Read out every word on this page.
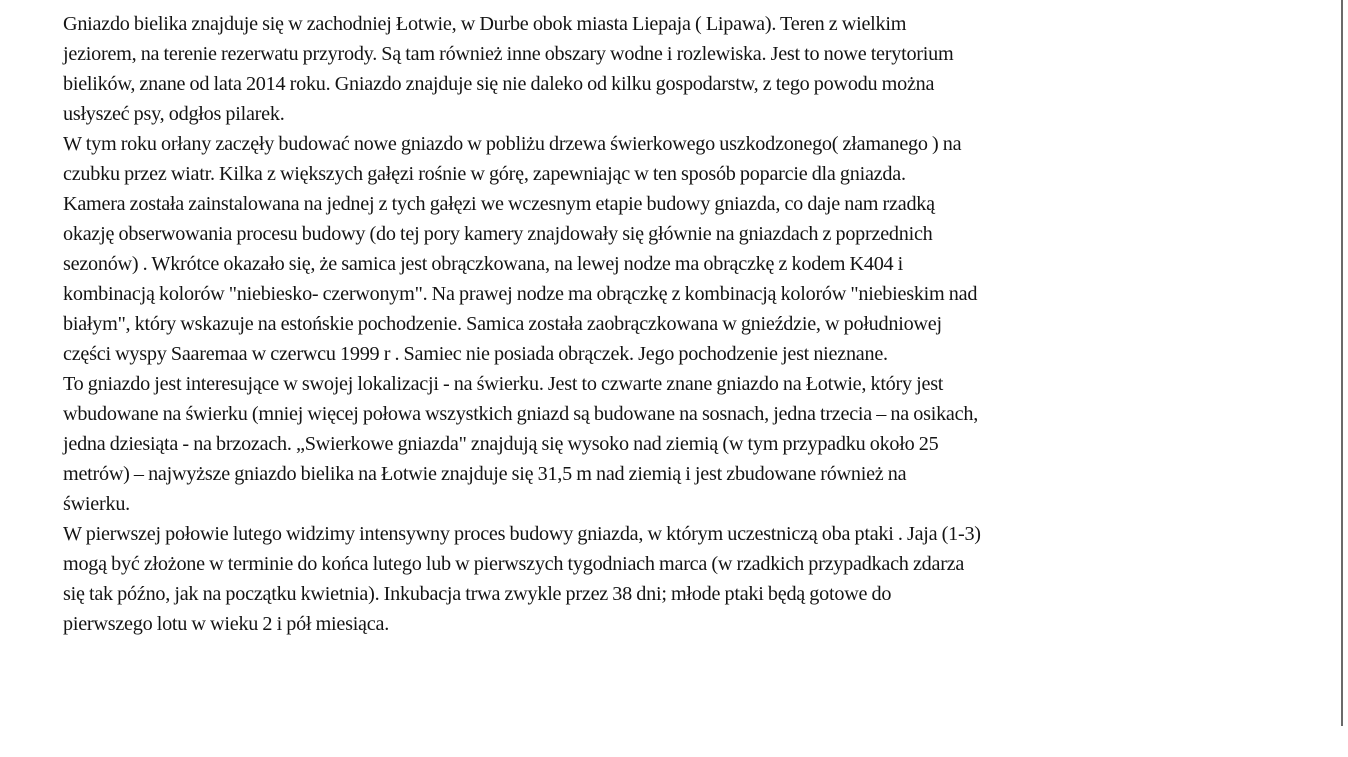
Gniazdo bielika znajduje się w zachodniej Łotwie, w Durbe obok miasta Liepaja ( Lipawa). Teren z wielkim
jeziorem, na terenie rezerwatu przyrody. Są tam również inne obszary wodne i rozlewiska. Jest to nowe terytorium
bielików, znane od lata 2014 roku. Gniazdo znajduje się nie daleko od kilku gospodarstw, z tego powodu można
usłyszeć psy, odgłos pilarek.
W tym roku orłany zaczęły budować nowe gniazdo w pobliżu drzewa świerkowego uszkodzonego( złamanego ) na
czubku przez wiatr. Kilka z większych gałęzi rośnie w górę, zapewniając w ten sposób poparcie dla gniazda.
Kamera została zainstalowana na jednej z tych gałęzi we wczesnym etapie budowy gniazda, co daje nam rzadką
okazję obserwowania procesu budowy (do tej pory kamery znajdowały się głównie na gniazdach z poprzednich
sezonów) . Wkrótce okazało się, że samica jest obrączkowana, na lewej nodze ma obrączkę z kodem K404 i
kombinacją kolorów "niebiesko- czerwonym". Na prawej nodze ma obrączkę z kombinacją kolorów "niebieskim nad
białym", który wskazuje na estońskie pochodzenie. Samica została zaobrączkowana w gnieździe, w południowej
części wyspy Saaremaa w czerwcu 1999 r . Samiec nie posiada obrączek. Jego pochodzenie jest nieznane.
To gniazdo jest interesujące w swojej lokalizacji - na świerku. Jest to czwarte znane gniazdo na Łotwie, który jest
wbudowane na świerku (mniej więcej połowa wszystkich gniazd są budowane na sosnach, jedna trzecia – na osikach,
jedna dziesiąta - na brzozach. „Swierkowe gniazda" znajdują się wysoko nad ziemią (w tym przypadku około 25
metrów) – najwyższe gniazdo bielika na Łotwie znajduje się 31,5 m nad ziemią i jest zbudowane również na
świerku.
W pierwszej połowie lutego widzimy intensywny proces budowy gniazda, w którym uczestniczą oba ptaki . Jaja (1-3)
mogą być złożone w terminie do końca lutego lub w pierwszych tygodniach marca (w rzadkich przypadkach zdarza
się tak późno, jak na początku kwietnia). Inkubacja trwa zwykle przez 38 dni; młode ptaki będą gotowe do
pierwszego lotu w wieku 2 i pół miesiąca.
